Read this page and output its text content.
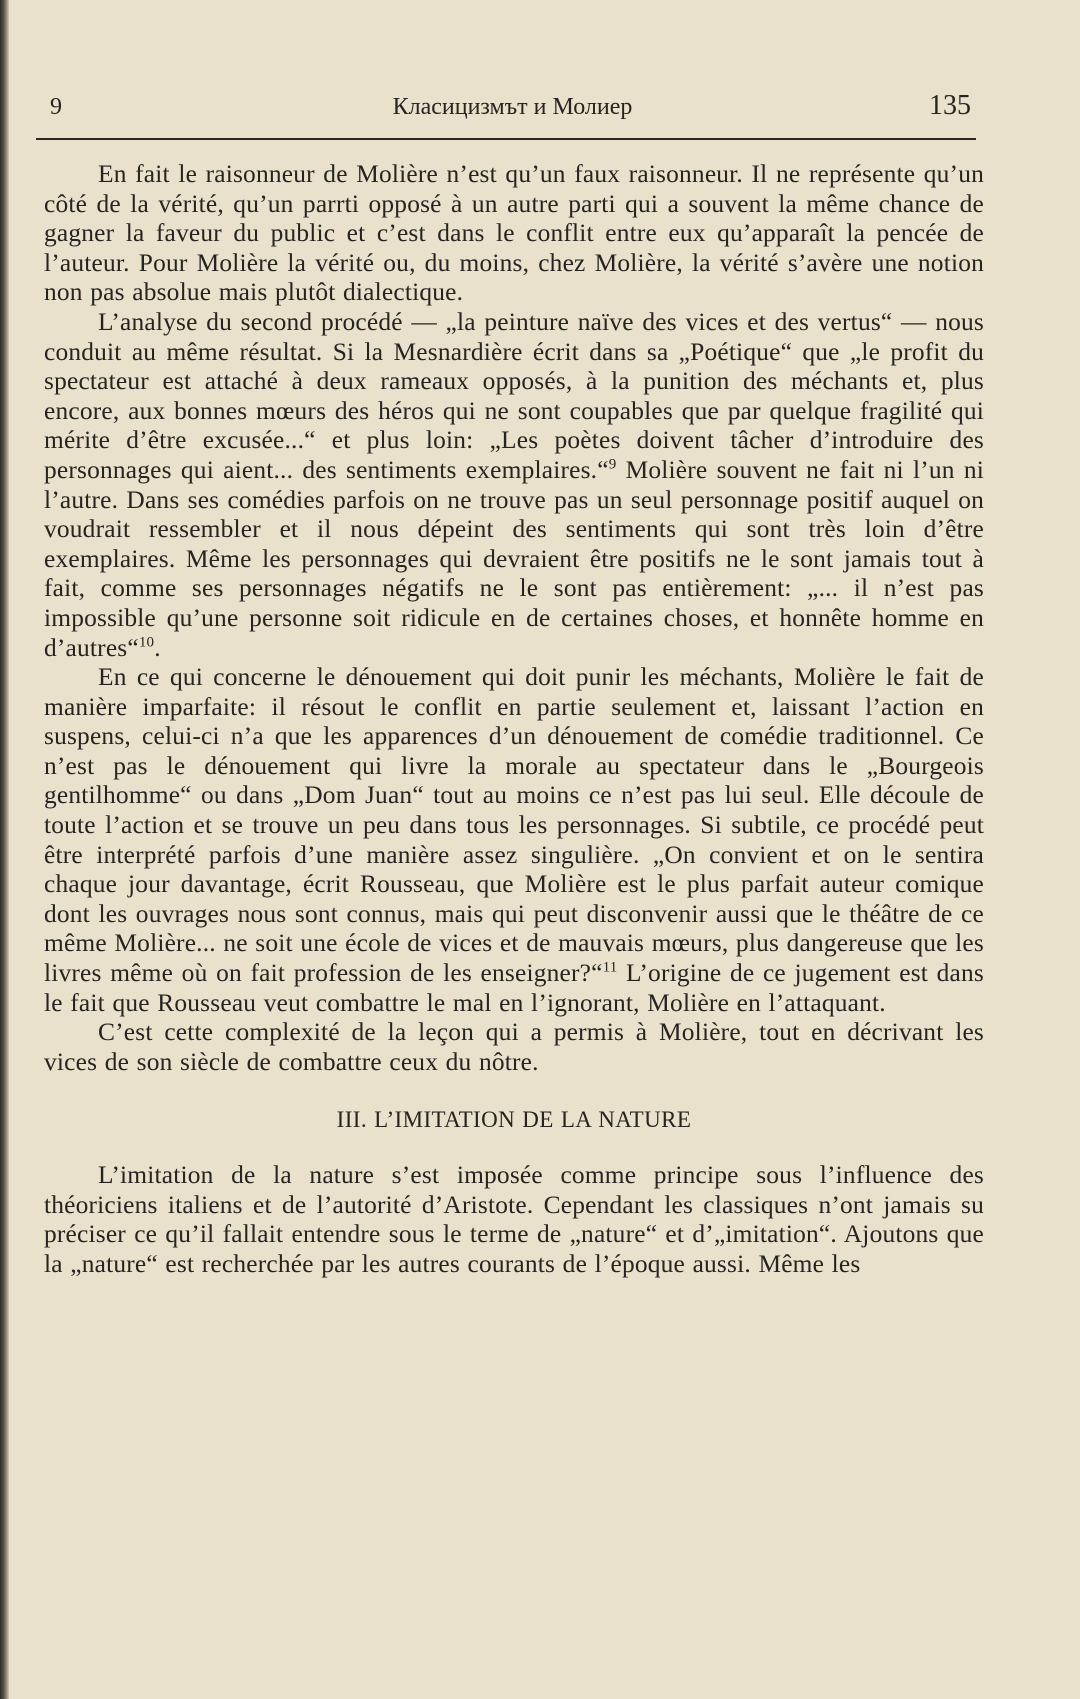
9	Класицизмът и Молиер	135

En fait le raisonneur de Molière n’est qu’un faux raisonneur. Il ne représente qu’un côté de la vérité, qu’un parrti opposé à un autre parti qui a souvent la même chance de gagner la faveur du public et c’est dans le conflit entre eux qu’apparaît la pencée de l’auteur. Pour Molière la vérité ou, du moins, chez Molière, la vérité s’avère une notion non pas absolue mais plutôt dialectique.

L’analyse du second procédé — „la peinture naïve des vices et des vertus“ — nous conduit au même résultat. Si la Mesnardière écrit dans sa „Poétique“ que „le profit du spectateur est attaché à deux rameaux opposés, à la punition des méchants et, plus encore, aux bonnes mœurs des héros qui ne sont coupables que par quelque fragilité qui mérite d’être excusée...“ et plus loin: „Les poètes doivent tâcher d’introduire des personnages qui aient... des sentiments exemplaires.“$^9$ Molière souvent ne fait ni l’un ni l’autre. Dans ses comédies parfois on ne trouve pas un seul personnage positif auquel on voudrait ressembler et il nous dépeint des sentiments qui sont très loin d’être exemplaires. Même les personnages qui devraient être positifs ne le sont jamais tout à fait, comme ses personnages négatifs ne le sont pas entièrement: „... il n’est pas impossible qu’une personne soit ridicule en de certaines choses, et honnête homme en d’autres“$^{10}$.

En ce qui concerne le dénouement qui doit punir les méchants, Molière le fait de manière imparfaite: il résout le conflit en partie seulement et, laissant l’action en suspens, celui-ci n’a que les apparences d’un dénouement de comédie traditionnel. Ce n’est pas le dénouement qui livre la morale au spectateur dans le „Bourgeois gentilhomme“ ou dans „Dom Juan“ tout au moins ce n’est pas lui seul. Elle découle de toute l’action et se trouve un peu dans tous les personnages. Si subtile, ce procédé peut être interprété parfois d’une manière assez singulière. „On convient et on le sentira chaque jour davantage, écrit Rousseau, que Molière est le plus parfait auteur comique dont les ouvrages nous sont connus, mais qui peut disconvenir aussi que le théâtre de ce même Molière... ne soit une école de vices et de mauvais mœurs, plus dangereuse que les livres même où on fait profession de les enseigner?“$^{11}$ L’origine de ce jugement est dans le fait que Rousseau veut combattre le mal en l’ignorant, Molière en l’attaquant.

C’est cette complexité de la leçon qui a permis à Molière, tout en décrivant les vices de son siècle de combattre ceux du nôtre.

III. L’IMITATION DE LA NATURE

L’imitation de la nature s’est imposée comme principe sous l’influence des théoriciens italiens et de l’autorité d’Aristote. Cependant les classiques n’ont jamais su préciser ce qu’il fallait entendre sous le terme de „nature“ et d’„imitation“. Ajoutons que la „nature“ est recherchée par les autres courants de l’époque aussi. Même les
